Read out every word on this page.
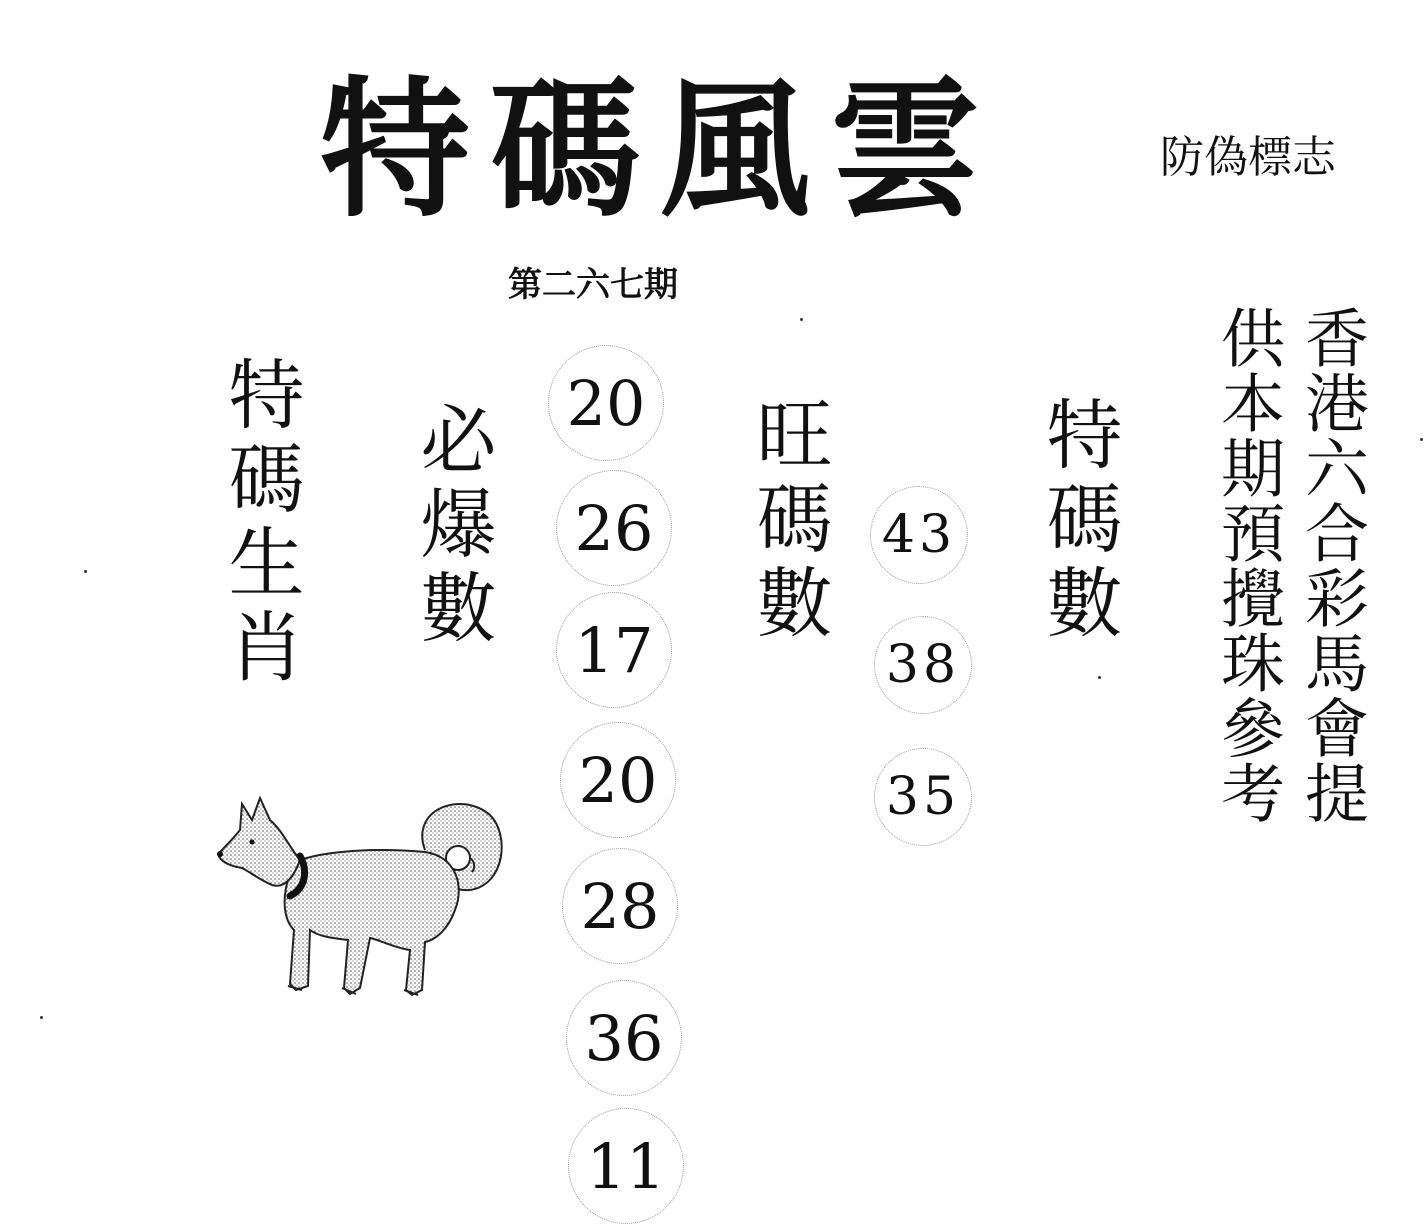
特碼風雲	防偽標志
第二六七期
特碼生肖 必爆數	旺碼數	特碼數
20
26
17
20
28
36
11
43
38
35	香港六合彩馬會提
供本期預攪珠參考
